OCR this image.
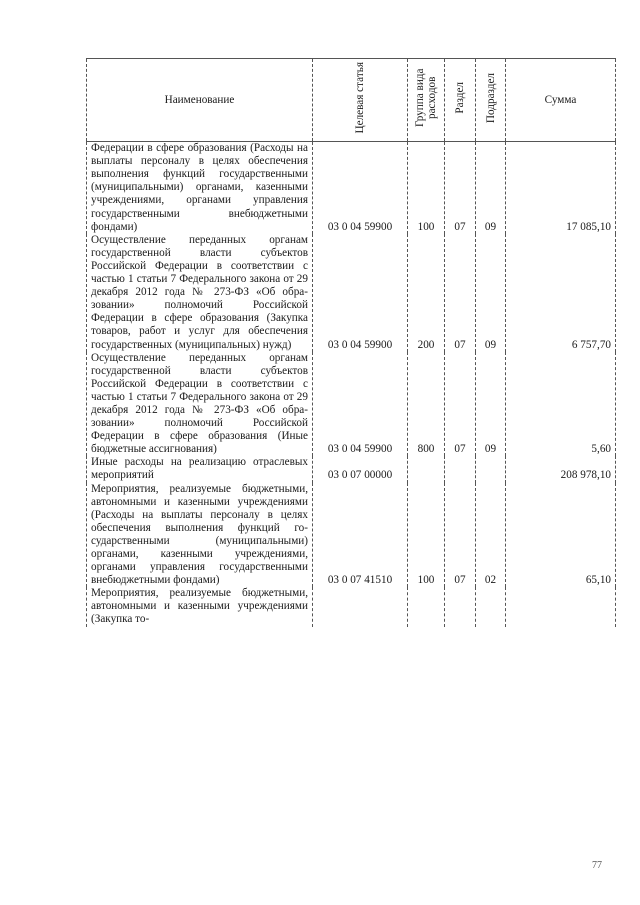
Наименование	Целевая статья	Группа вида расходов	Раздел	Подраздел	Сумма
Федерации в сфере образования (Расходы на выплаты персоналу в целях обеспечения выполнения функций государственными (муниципальными) органами, казенными учреждениями, органами управления государственными внебюджетными фондами)	03 0 04 59900	100	07	09	17 085,10
Осуществление переданных органам государственной власти субъектов Российской Федерации в соответствии с частью 1 статьи 7 Федерального закона от 29 декабря 2012 года № 273-ФЗ «Об образовании» полномочий Российской Федерации в сфере образования (Закупка товаров, работ и услуг для обеспечения государственных (муниципальных) нужд)	03 0 04 59900	200	07	09	6 757,70
Осуществление переданных органам государственной власти субъектов Российской Федерации в соответствии с частью 1 статьи 7 Федерального закона от 29 декабря 2012 года № 273-ФЗ «Об образовании» полномочий Российской Федерации в сфере образования (Иные бюджетные ассигнования)	03 0 04 59900	800	07	09	5,60
Иные расходы на реализацию отраслевых мероприятий	03 0 07 00000				208 978,10
Мероприятия, реализуемые бюджетными, автономными и казенными учреждениями (Расходы на выплаты персоналу в целях обеспечения выполнения функций государственными (муниципальными) органами, казенными учреждениями, органами управления государственными внебюджетными фондами)	03 0 07 41510	100	07	02	65,10
Мероприятия, реализуемые бюджетными, автономными и казенными учреждениями (Закупка то-					
77
